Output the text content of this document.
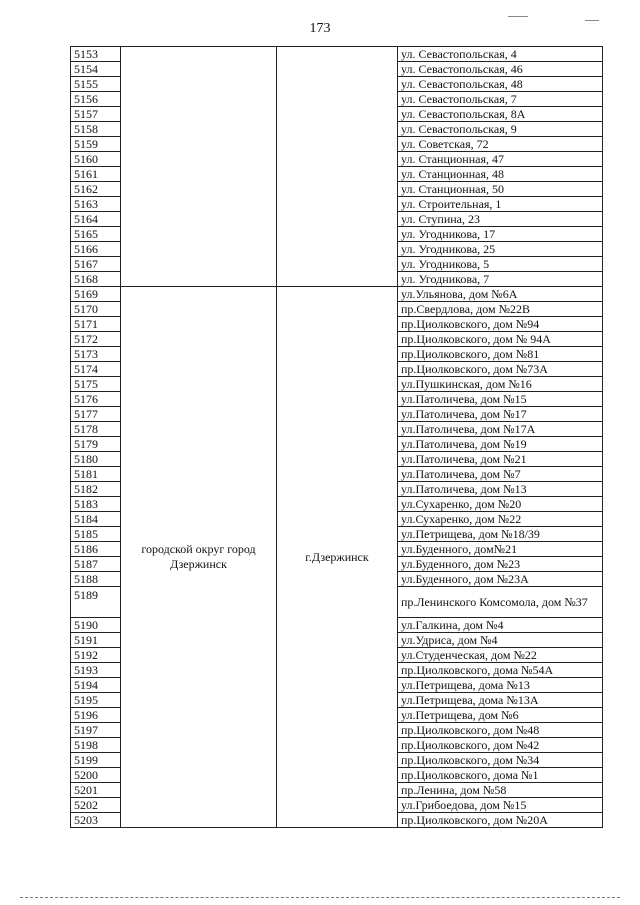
173
5153			ул. Севастопольская, 4
5154			ул. Севастопольская, 46
5155			ул. Севастопольская, 48
5156			ул. Севастопольская, 7
5157			ул. Севастопольская, 8А
5158			ул. Севастопольская, 9
5159			ул. Советская, 72
5160			ул. Станционная, 47
5161			ул. Станционная, 48
5162			ул. Станционная, 50
5163			ул. Строительная, 1
5164			ул. Ступина, 23
5165			ул. Угодникова, 17
5166			ул. Угодникова, 25
5167			ул. Угодникова, 5
5168			ул. Угодникова, 7
5169	городской округ город Дзержинск	г.Дзержинск	ул.Ульянова, дом №6А
5170			пр.Свердлова, дом №22В
5171			пр.Циолковского, дом №94
5172			пр.Циолковского, дом № 94А
5173			пр.Циолковского, дом №81
5174			пр.Циолковского, дом №73А
5175			ул.Пушкинская, дом №16
5176			ул.Патоличева, дом №15
5177			ул.Патоличева, дом №17
5178			ул.Патоличева, дом №17А
5179			ул.Патоличева, дом №19
5180			ул.Патоличева, дом №21
5181			ул.Патоличева, дом №7
5182			ул.Патоличева, дом №13
5183			ул.Сухаренко, дом №20
5184			ул.Сухаренко, дом №22
5185			ул.Петрищева, дом №18/39
5186			ул.Буденного, дом№21
5187			ул.Буденного, дом №23
5188			ул.Буденного, дом №23А
5189			пр.Ленинского Комсомола, дом №37
5190			ул.Галкина, дом №4
5191			ул.Удриса, дом №4
5192			ул.Студенческая, дом №22
5193			пр.Циолковского, дома №54А
5194			ул.Петрищева, дома №13
5195			ул.Петрищева, дома №13А
5196			ул.Петрищева, дом №6
5197			пр.Циолковского, дом №48
5198			пр.Циолковского, дом №42
5199			пр.Циолковского, дом №34
5200			пр.Циолковского, дома №1
5201			пр.Ленина, дом №58
5202			ул.Грибоедова, дом №15
5203			пр.Циолковского, дом №20А
